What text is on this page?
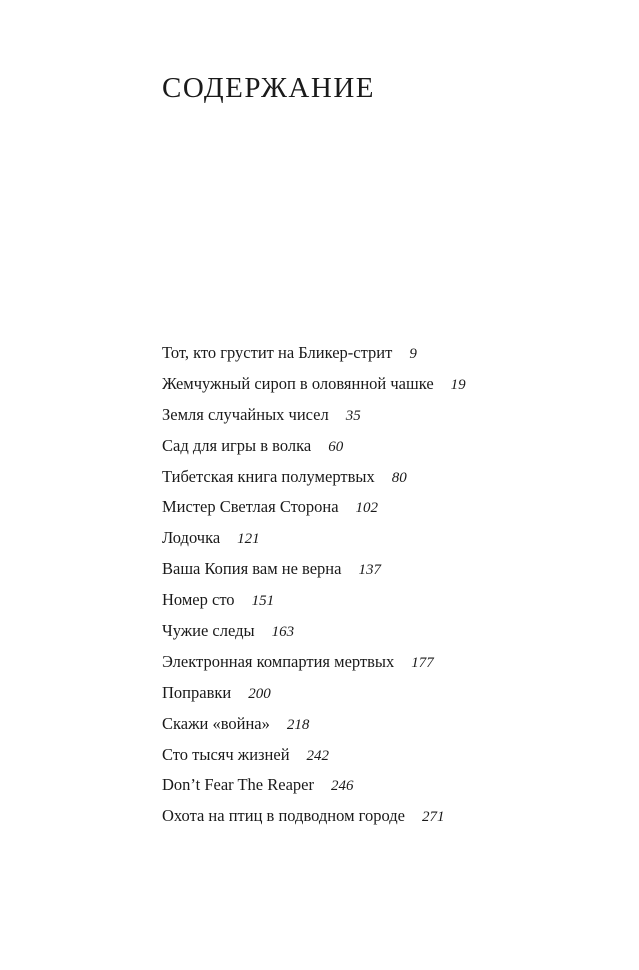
СОДЕРЖАНИЕ
Тот, кто грустит на Бликер-стрит 9
Жемчужный сироп в оловянной чашке 19
Земля случайных чисел 35
Сад для игры в волка 60
Тибетская книга полумертвых 80
Мистер Светлая Сторона 102
Лодочка 121
Ваша Копия вам не верна 137
Номер сто 151
Чужие следы 163
Электронная компартия мертвых 177
Поправки 200
Скажи «война» 218
Сто тысяч жизней 242
Don’t Fear The Reaper 246
Охота на птиц в подводном городе 271
